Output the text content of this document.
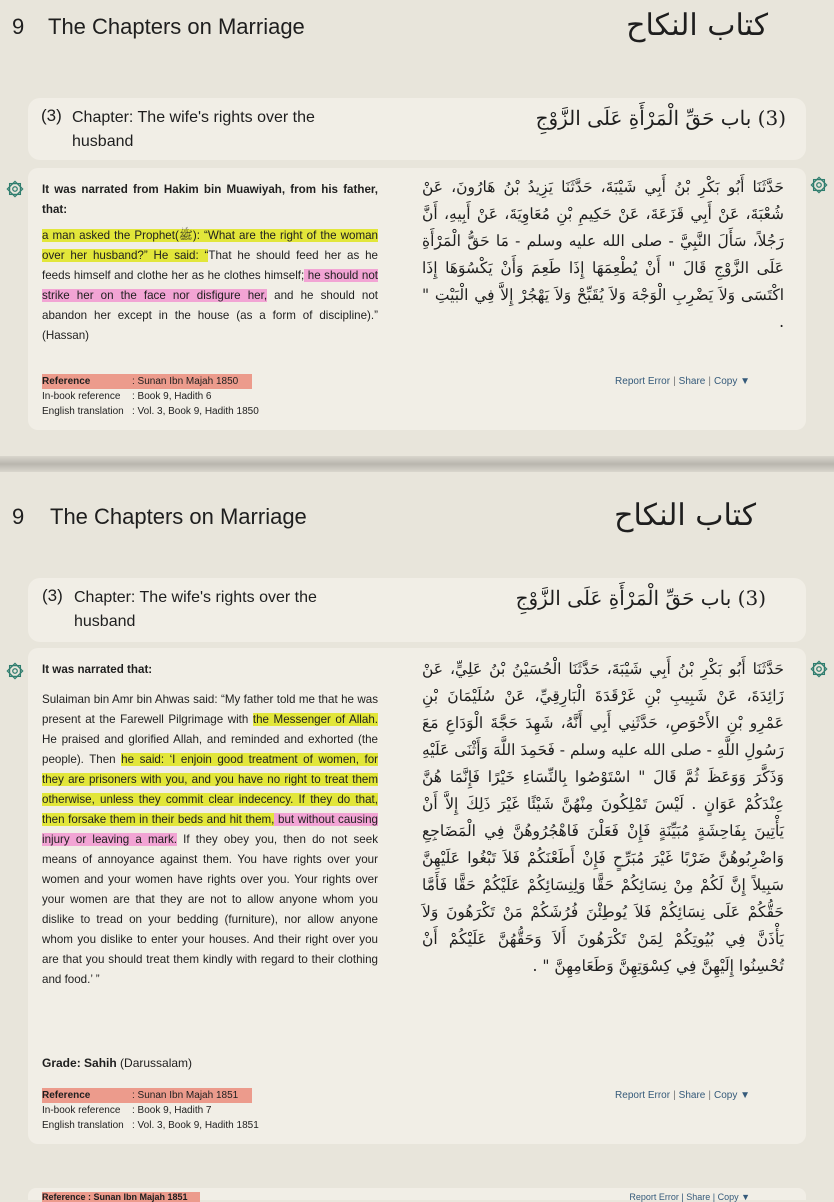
9 The Chapters on Marriage	كتاب النكاح
(3) Chapter: The wife's rights over the husband
(3) باب حَقِّ الْمَرْأَةِ عَلَى الزَّوْجِ
It was narrated from Hakim bin Muawiyah, from his father, that:
a man asked the Prophet(ﷺ): “What are the right of the woman over her husband?” He said: “That he should feed her as he feeds himself and clothe her as he clothes himself; he should not strike her on the face nor disfigure her, and he should not abandon her except in the house (as a form of discipline).” (Hassan)
حَدَّثَنَا أَبُو بَكْرِ بْنُ أَبِي شَيْبَةَ، حَدَّثَنَا يَزِيدُ بْنُ هَارُونَ، عَنْ شُعْبَةَ، عَنْ أَبِي قَزَعَةَ، عَنْ حَكِيمِ بْنِ مُعَاوِيَةَ، عَنْ أَبِيهِ، أَنَّ رَجُلاً، سَأَلَ النَّبِيَّ - صلى الله عليه وسلم - مَا حَقُّ الْمَرْأَةِ عَلَى الزَّوْجِ قَالَ " أَنْ يُطْعِمَهَا إِذَا طَعِمَ وَأَنْ يَكْسُوَهَا إِذَا اكْتَسَى وَلاَ يَضْرِبِ الْوَجْهَ وَلاَ يُقَبِّحْ وَلاَ يَهْجُرْ إِلاَّ فِي الْبَيْتِ " .
Reference	: Sunan Ibn Majah 1850
In-book reference : Book 9, Hadith 6
English translation : Vol. 3, Book 9, Hadith 1850
Report Error | Share | Copy ▼
9 The Chapters on Marriage	كتاب النكاح
(3) Chapter: The wife's rights over the husband
(3) باب حَقِّ الْمَرْأَةِ عَلَى الزَّوْجِ
It was narrated that:
Sulaiman bin Amr bin Ahwas said: “My father told me that he was present at the Farewell Pilgrimage with the Messenger of Allah. He praised and glorified Allah, and reminded and exhorted (the people). Then he said: ‘I enjoin good treatment of women, for they are prisoners with you, and you have no right to treat them otherwise, unless they commit clear indecency. If they do that, then forsake them in their beds and hit them, but without causing injury or leaving a mark. If they obey you, then do not seek means of annoyance against them. You have rights over your women and your women have rights over you. Your rights over your women are that they are not to allow anyone whom you dislike to tread on your bedding (furniture), nor allow anyone whom you dislike to enter your houses. And their right over you are that you should treat them kindly with regard to their clothing and food.’ ”
حَدَّثَنَا أَبُو بَكْرِ بْنُ أَبِي شَيْبَةَ، حَدَّثَنَا الْحُسَيْنُ بْنُ عَلِيٍّ، عَنْ زَائِدَةَ، عَنْ شَبِيبِ بْنِ غَرْقَدَةَ الْبَارِقِيِّ، عَنْ سُلَيْمَانَ بْنِ عَمْرِو بْنِ الأَحْوَصِ، حَدَّثَنِي أَبِي أَنَّهُ، شَهِدَ حَجَّةَ الْوَدَاعِ مَعَ رَسُولِ اللَّهِ - صلى الله عليه وسلم - فَحَمِدَ اللَّهَ وَأَثْنَى عَلَيْهِ وَذَكَّرَ وَوَعَظَ ثُمَّ قَالَ " اسْتَوْصُوا بِالنِّسَاءِ خَيْرًا فَإِنَّمَا هُنَّ عِنْدَكُمْ عَوَانٍ . لَيْسَ تَمْلِكُونَ مِنْهُنَّ شَيْئًا غَيْرَ ذَلِكَ إِلاَّ أَنْ يَأْتِينَ بِفَاحِشَةٍ مُبَيِّنَةٍ فَإِنْ فَعَلْنَ فَاهْجُرُوهُنَّ فِي الْمَضَاجِعِ وَاضْرِبُوهُنَّ ضَرْبًا غَيْرَ مُبَرِّحٍ فَإِنْ أَطَعْنَكُمْ فَلاَ تَبْغُوا عَلَيْهِنَّ سَبِيلاً إِنَّ لَكُمْ مِنْ نِسَائِكُمْ حَقًّا وَلِنِسَائِكُمْ عَلَيْكُمْ حَقًّا فَأَمَّا حَقُّكُمْ عَلَى نِسَائِكُمْ فَلاَ يُوطِئْنَ فُرُشَكُمْ مَنْ تَكْرَهُونَ وَلاَ يَأْذَنَّ فِي بُيُوتِكُمْ لِمَنْ تَكْرَهُونَ أَلاَ وَحَقُّهُنَّ عَلَيْكُمْ أَنْ تُحْسِنُوا إِلَيْهِنَّ فِي كِسْوَتِهِنَّ وَطَعَامِهِنَّ " .
Grade: Sahih (Darussalam)
Reference	: Sunan Ibn Majah 1851
In-book reference : Book 9, Hadith 7
English translation : Vol. 3, Book 9, Hadith 1851
Report Error | Share | Copy ▼
Reference : Sunan Ibn Majah 1851	Report Error | Share | Copy ▼
